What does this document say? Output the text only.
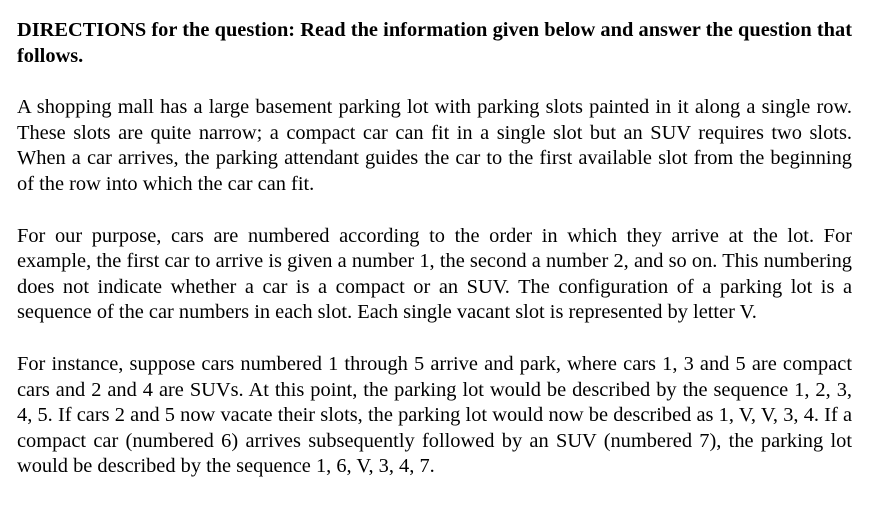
DIRECTIONS for the question: Read the information given below and answer the question that follows.

A shopping mall has a large basement parking lot with parking slots painted in it along a single row. These slots are quite narrow; a compact car can fit in a single slot but an SUV requires two slots. When a car arrives, the parking attendant guides the car to the first available slot from the beginning of the row into which the car can fit.

For our purpose, cars are numbered according to the order in which they arrive at the lot. For example, the first car to arrive is given a number 1, the second a number 2, and so on. This numbering does not indicate whether a car is a compact or an SUV. The configuration of a parking lot is a sequence of the car numbers in each slot. Each single vacant slot is represented by letter V.

For instance, suppose cars numbered 1 through 5 arrive and park, where cars 1, 3 and 5 are compact cars and 2 and 4 are SUVs. At this point, the parking lot would be described by the sequence 1, 2, 3, 4, 5. If cars 2 and 5 now vacate their slots, the parking lot would now be described as 1, V, V, 3, 4. If a compact car (numbered 6) arrives subsequently followed by an SUV (numbered 7), the parking lot would be described by the sequence 1, 6, V, 3, 4, 7.
